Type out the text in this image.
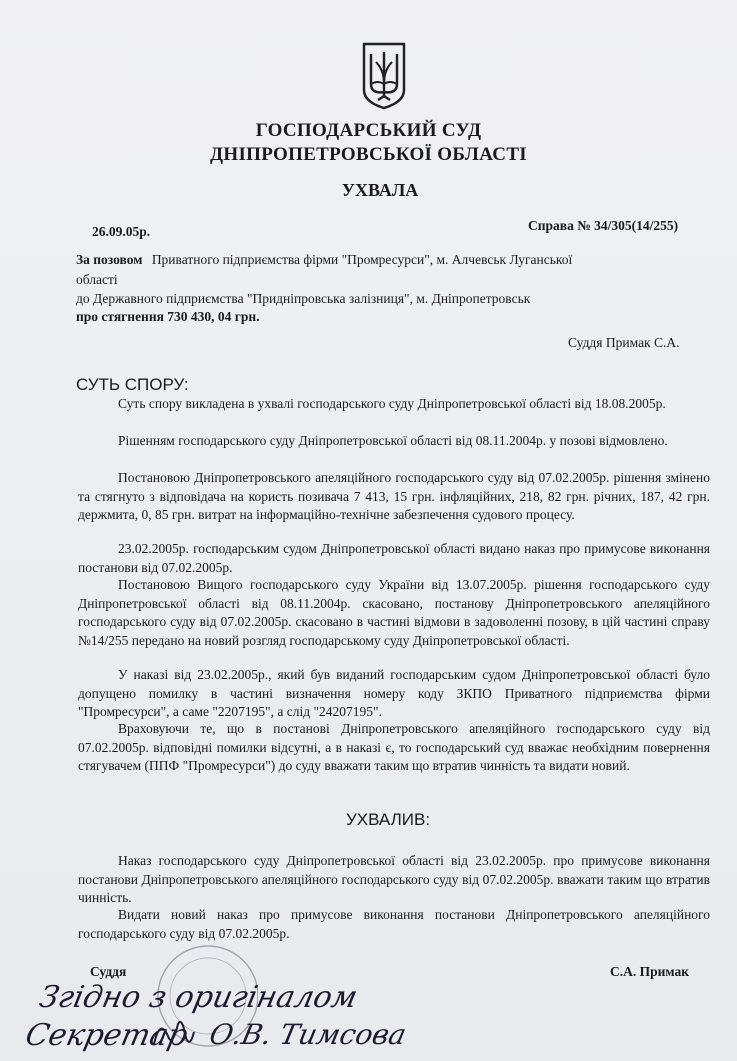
ГОСПОДАРСЬКИЙ СУД
ДНІПРОПЕТРОВСЬКОЇ ОБЛАСТІ
УХВАЛА
26.09.05р.	Справа № 34/305(14/255)
За позовом Приватного підприємства фірми "Промресурси", м. Алчевськ Луганської
області
до Державного підприємства "Придніпровська залізниця", м. Дніпропетровськ
про стягнення 730 430, 04 грн.
Суддя Примак С.А.
СУТЬ СПОРУ:
Суть спору викладена в ухвалі господарського суду Дніпропетровської області від 18.08.2005р.
Рішенням господарського суду Дніпропетровської області від 08.11.2004р. у позові відмовлено.
Постановою Дніпропетровського апеляційного господарського суду від 07.02.2005р. рішення змінено та стягнуто з відповідача на користь позивача 7 413, 15 грн. інфляційних, 218, 82 грн. річних, 187, 42 грн. держмита, 0, 85 грн. витрат на інформаційно-технічне забезпечення судового процесу.
23.02.2005р. господарським судом Дніпропетровської області видано наказ про примусове виконання постанови від 07.02.2005р.
Постановою Вищого господарського суду України від 13.07.2005р. рішення господарського суду Дніпропетровської області від 08.11.2004р. скасовано, постанову Дніпропетровського апеляційного господарського суду від 07.02.2005р. скасовано в частині відмови в задоволенні позову, в цій частині справу №14/255 передано на новий розгляд господарському суду Дніпропетровської області.
У наказі від 23.02.2005р., який був виданий господарським судом Дніпропетровської області було допущено помилку в частині визначення номеру коду ЗКПО Приватного підприємства фірми "Промресурси", а саме "2207195", а слід "24207195".
Враховуючи те, що в постанові Дніпропетровського апеляційного господарського суду від 07.02.2005р. відповідні помилки відсутні, а в наказі є, то господарський суд вважає необхідним повернення стягувачем (ППФ "Промресурси") до суду вважати таким що втратив чинність та видати новий.
УХВАЛИВ:
Наказ господарського суду Дніпропетровської області від 23.02.2005р. про примусове виконання постанови Дніпропетровського апеляційного господарського суду від 07.02.2005р. вважати таким що втратив чинність.
Видати новий наказ про примусове виконання постанови Дніпропетровського апеляційного господарського суду від 07.02.2005р.
Суддя	С.А. Примак
Згідно з оригіналом
Секретар О.В. Тимсова
